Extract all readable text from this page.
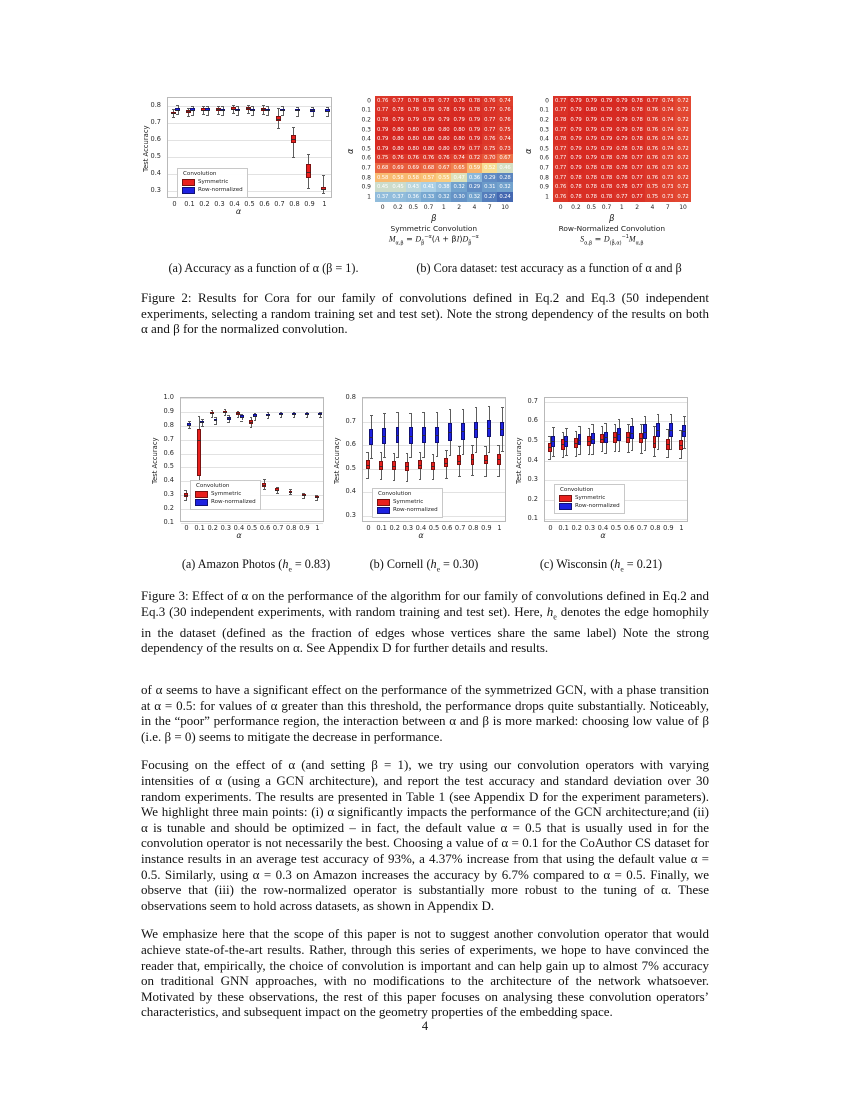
0.3
0.4
0.5
0.6
0.7
0.8
0 0.1 0.2 0.3 0.4 0.5 0.6 0.7 0.8 0.9 1
α
Test Accuracy
Convolution
Symmetric
Row-normalized
0.76 0.77 0.78 0.78 0.77 0.78 0.78 0.76 0.74
0.77 0.78 0.78 0.78 0.78 0.79 0.78 0.77 0.76
0.78 0.79 0.79 0.79 0.79 0.79 0.79 0.77 0.76
0.79 0.80 0.80 0.80 0.80 0.80 0.79 0.77 0.75
0.79 0.80 0.80 0.80 0.80 0.80 0.79 0.76 0.74
0.79 0.80 0.80 0.80 0.80 0.79 0.77 0.75 0.73
0.75 0.76 0.76 0.76 0.76 0.74 0.72 0.70 0.67
0.68 0.69 0.69 0.68 0.67 0.65 0.59 0.52 0.46
0.58 0.58 0.58 0.57 0.55 0.47 0.36 0.29 0.28
0.45 0.45 0.43 0.41 0.38 0.32 0.29 0.31 0.32
0.37 0.37 0.36 0.33 0.32 0.30 0.32 0.27 0.24
0
0.1
0.2
0.3
0.4
0.5
0.6
0.7
0.8
0.9
1
0 0.2 0.5 0.7 1 2 4 7 10
β
α
Symmetric Convolution
$M_{\alpha,\beta} = D_{\betā}^{-\alpha}(A + \beta I)D_{\betā}^{-\alpha}$
0.77 0.79 0.79 0.79 0.79 0.78 0.77 0.74 0.72
0.77 0.79 0.80 0.79 0.79 0.78 0.76 0.74 0.72
0.78 0.79 0.79 0.79 0.79 0.78 0.76 0.74 0.72
0.77 0.79 0.79 0.79 0.79 0.78 0.76 0.74 0.72
0.78 0.79 0.79 0.79 0.79 0.78 0.76 0.74 0.72
0.77 0.79 0.79 0.79 0.78 0.78 0.76 0.74 0.72
0.77 0.79 0.79 0.78 0.78 0.77 0.76 0.73 0.72
0.77 0.79 0.78 0.78 0.78 0.77 0.76 0.73 0.72
0.77 0.78 0.78 0.78 0.78 0.77 0.76 0.73 0.72
0.76 0.78 0.78 0.78 0.78 0.77 0.75 0.73 0.72
0.76 0.78 0.78 0.78 0.77 0.77 0.75 0.73 0.72
0
0.1
0.2
0.3
0.4
0.5
0.6
0.7
0.8
0.9
1
0 0.2 0.5 0.7 1 2 4 7 10
β
α
Row-Normalized Convolution
$S_{\alpha,\beta} = D_{(\betā,\alpha)}^{-1}M_{\alpha,\beta}$
(a) Accuracy as a function of α (β = 1).	(b) Cora dataset: test accuracy as a function of α and β
Figure 2: Results for Cora for our family of convolutions defined in Eq.2 and Eq.3 (50 independent experiments, selecting a random training set and test set). Note the strong dependency of the results on both α and β for the normalized convolution.
0.1
0.2
0.3
0.4
0.5
0.6
0.7
0.8
0.9
1.0
0 0.1 0.2 0.3 0.4 0.5 0.6 0.7 0.8 0.9 1
α
Test Accuracy
Convolution
Symmetric
Row-normalized
0.3
0.4
0.5
0.6
0.7
0.8
0 0.1 0.2 0.3 0.4 0.5 0.6 0.7 0.8 0.9 1
α
Test Accuracy
Convolution
Symmetric
Row-normalized
0.1
0.2
0.3
0.4
0.5
0.6
0.7
0 0.1 0.2 0.3 0.4 0.5 0.6 0.7 0.8 0.9 1
α
Test Accuracy
Convolution
Symmetric
Row-normalized
(a) Amazon Photos $(h_e = 0.83)$	(b) Cornell $(h_e = 0.30)$	(c) Wisconsin $(h_e = 0.21)$
Figure 3: Effect of α on the performance of the algorithm for our family of convolutions defined in Eq.2 and Eq.3 (30 independent experiments, with random training and test set). Here, $h_e$ denotes the edge homophily in the dataset (defined as the fraction of edges whose vertices share the same label) Note the strong dependency of the results on α. See Appendix D for further details and results.

of α seems to have a significant effect on the performance of the symmetrized GCN, with a phase transition at α = 0.5: for values of α greater than this threshold, the performance drops quite substantially. Noticeably, in the “poor” performance region, the interaction between α and β is more marked: choosing low value of β (i.e. β = 0) seems to mitigate the decrease in performance.

Focusing on the effect of α (and setting β = 1), we try using our convolution operators with varying intensities of α (using a GCN architecture), and report the test accuracy and standard deviation over 30 random experiments. The results are presented in Table 1 (see Appendix D for the experiment parameters). We highlight three main points: (i) α significantly impacts the performance of the GCN architecture;and (ii) α is tunable and should be optimized – in fact, the default value α = 0.5 that is usually used in for the convolution operator is not necessarily the best. Choosing a value of α = 0.1 for the CoAuthor CS dataset for instance results in an average test accuracy of 93%, a 4.37% increase from that using the default value α = 0.5. Similarly, using α = 0.3 on Amazon increases the accuracy by 6.7% compared to α = 0.5. Finally, we observe that (iii) the row-normalized operator is substantially more robust to the tuning of α. These observations seem to hold across datasets, as shown in Appendix D.

We emphasize here that the scope of this paper is not to suggest another convolution operator that would achieve state-of-the-art results. Rather, through this series of experiments, we hope to have convinced the reader that, empirically, the choice of convolution is important and can help gain up to almost 7% accuracy on traditional GNN approaches, with no modifications to the architecture of the network whatsoever. Motivated by these observations, the rest of this paper focuses on analysing these convolution operators’ characteristics, and subsequent impact on the geometry properties of the embedding space.

4
